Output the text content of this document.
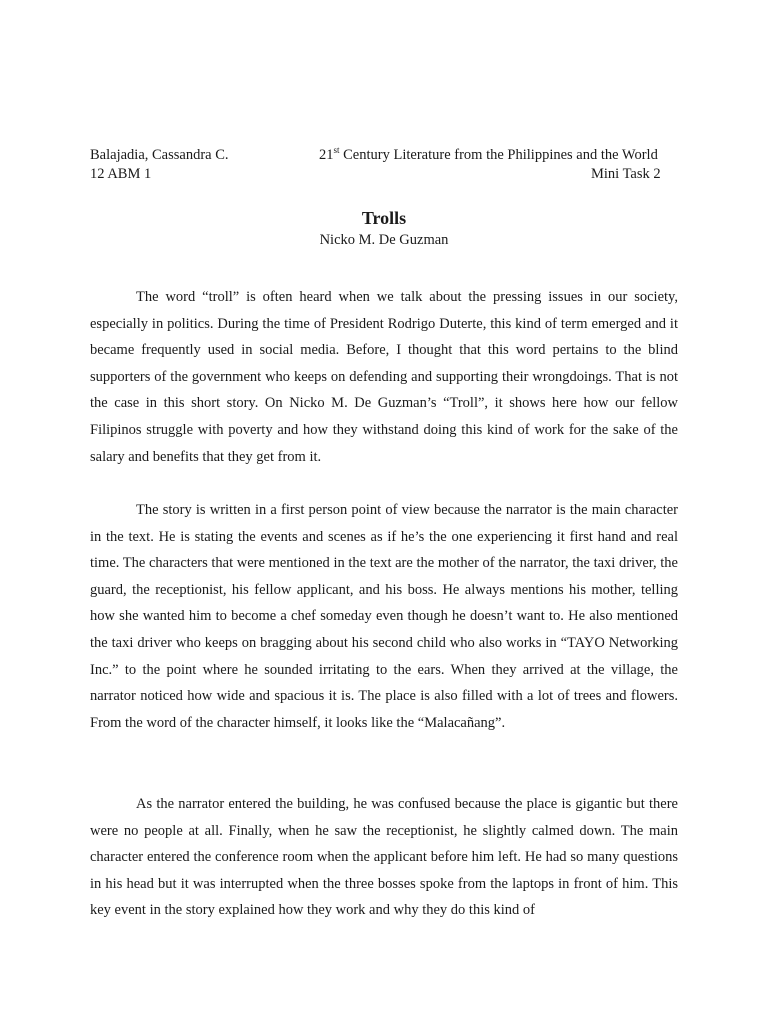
Balajadia, Cassandra C.	21st Century Literature from the Philippines and the World
12 ABM 1	Mini Task 2
Trolls
Nicko M. De Guzman

The word “troll” is often heard when we talk about the pressing issues in our society, especially in politics. During the time of President Rodrigo Duterte, this kind of term emerged and it became frequently used in social media. Before, I thought that this word pertains to the blind supporters of the government who keeps on defending and supporting their wrongdoings. That is not the case in this short story. On Nicko M. De Guzman’s “Troll”, it shows here how our fellow Filipinos struggle with poverty and how they withstand doing this kind of work for the sake of the salary and benefits that they get from it.

The story is written in a first person point of view because the narrator is the main character in the text. He is stating the events and scenes as if he’s the one experiencing it first hand and real time. The characters that were mentioned in the text are the mother of the narrator, the taxi driver, the guard, the receptionist, his fellow applicant, and his boss. He always mentions his mother, telling how she wanted him to become a chef someday even though he doesn’t want to. He also mentioned the taxi driver who keeps on bragging about his second child who also works in “TAYO Networking Inc.” to the point where he sounded irritating to the ears. When they arrived at the village, the narrator noticed how wide and spacious it is. The place is also filled with a lot of trees and flowers. From the word of the character himself, it looks like the “Malacañang”.

As the narrator entered the building, he was confused because the place is gigantic but there were no people at all. Finally, when he saw the receptionist, he slightly calmed down. The main character entered the conference room when the applicant before him left. He had so many questions in his head but it was interrupted when the three bosses spoke from the laptops in front of him. This key event in the story explained how they work and why they do this kind of
